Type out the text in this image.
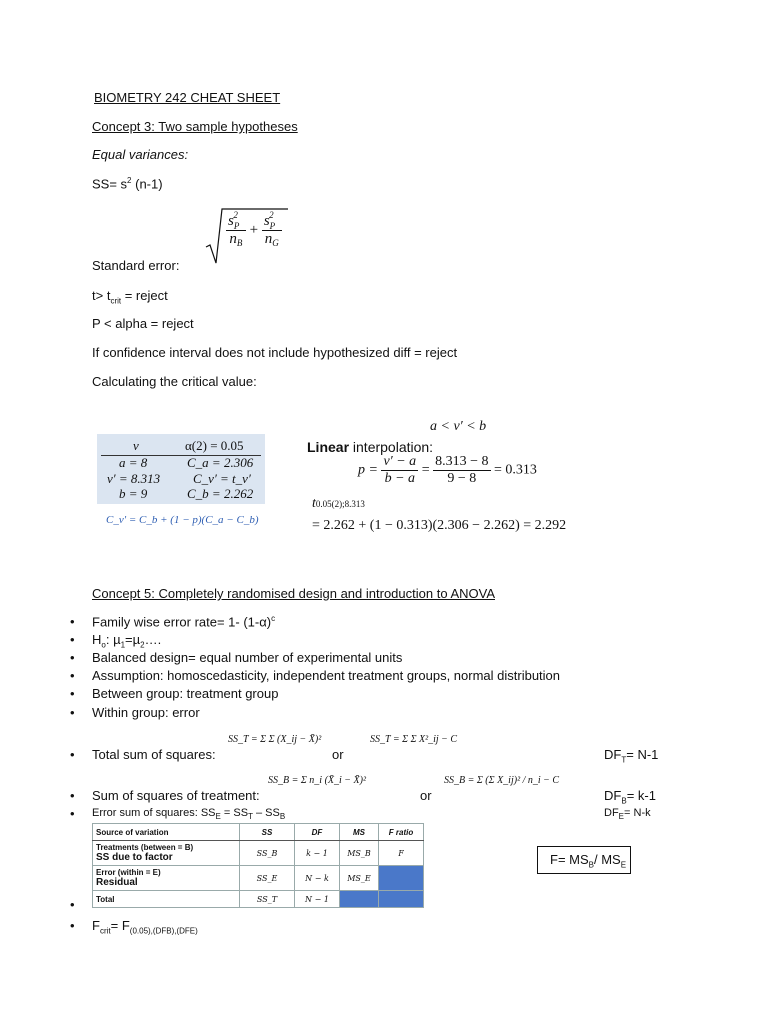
BIOMETRY 242 CHEAT SHEET
Concept 3: Two sample hypotheses
Equal variances:
$SS= s^2$ (n-1)
$\frac{s_P^2}{n_B} + \frac{s_P^2}{n_G}$
Standard error:
$t> t_{crit}$ = reject
P < alpha = reject
If confidence interval does not include hypothesized diff = reject
Calculating the critical value:
ν	α(2) = 0.05
a = 8	C_a = 2.306
ν′ = 8.313	C_ν′ = t_ν′
b = 9	C_b = 2.262
C_ν′ = C_b + (1 − p)(C_a − C_b)
a < ν′ < b
Linear interpolation:
$p = \frac{\nu' - a}{b - a} = \frac{8.313 - 8}{9 - 8} = 0.313$
t0.05(2);8.313
= 2.262 + (1 − 0.313)(2.306 − 2.262) = 2.292
Concept 5: Completely randomised design and introduction to ANOVA
• Family wise error rate= 1- $(1-\alpha)^c$
• $H_o$: µ$_1$=µ$_2$….
• Balanced design= equal number of experimental units
• Assumption: homoscedasticity, independent treatment groups, normal distribution
• Between group: treatment group
• Within group: error
• Total sum of squares:
SS_T = Σ Σ (X_ij − X̄)²
or
SS_T = Σ Σ X²_ij − C
$DF_T= N-1$
• Sum of squares of treatment:
SS_B = Σ n_i (X̄_i − X̄)²
or
SS_B = Σ (Σ X_ij)² / n_i − C
$DF_B= k-1$
• Error sum of squares: $SS_E = SS_T - SS_B$	$DF_E= N-k$
Source of variation	SS	DF	MS	F ratio
Treatments (between = B)
SS due to factor	SS_B	k − 1	MS_B	F
Error (within = E)
Residual	SS_E	N − k	MS_E	
Total	SS_T	N − 1		
$F= MS_B/$ $MS_E$
•
• $F_{crit}= F_{(0.05),(DFB),(DFE)}$
